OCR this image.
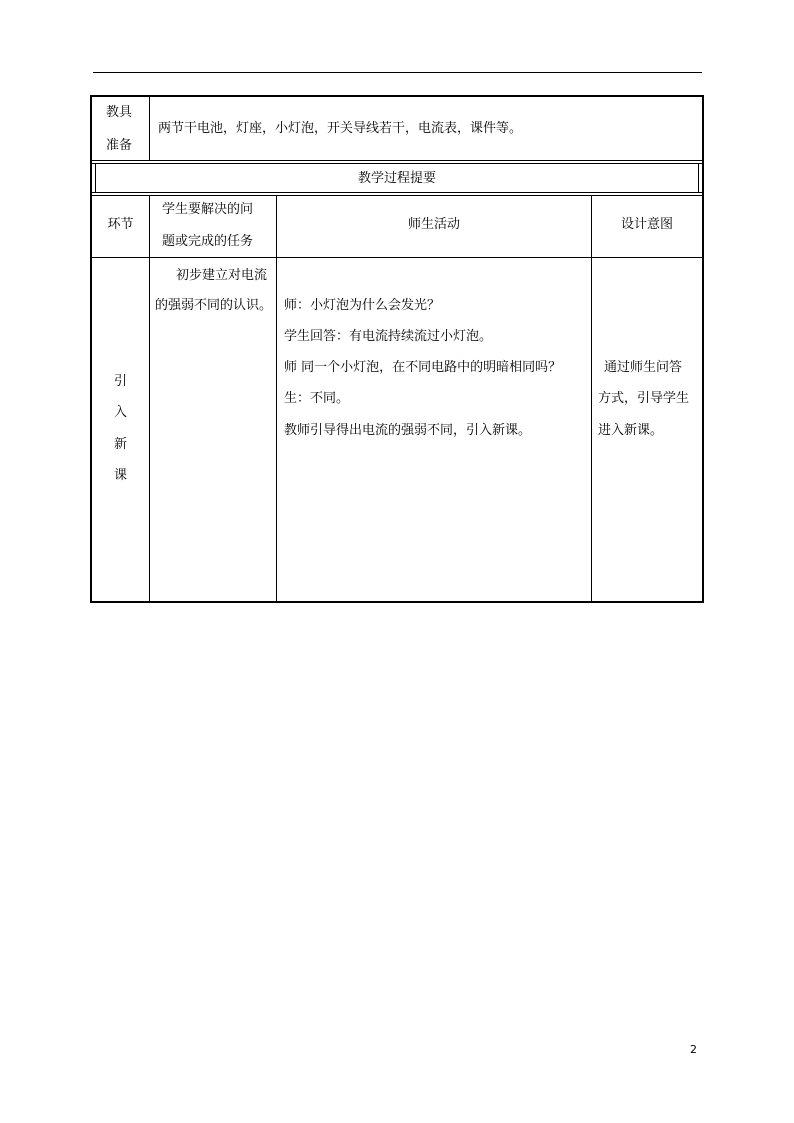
教具
准备
两节干电池，灯座，小灯泡，开关导线若干，电流表，课件等。
教学过程提要
环节
学生要解决的问
题或完成的任务
师生活动	设计意图
引
入
新
课
初步建立对电流
的强弱不同的认识。 师：小灯泡为什么会发光？
学生回答：有电流持续流过小灯泡。
师 同一个小灯泡，在不同电路中的明暗相同吗？
生：不同。
教师引导得出电流的强弱不同，引入新课。
通过师生问答
方式，引导学生
进入新课。
2
